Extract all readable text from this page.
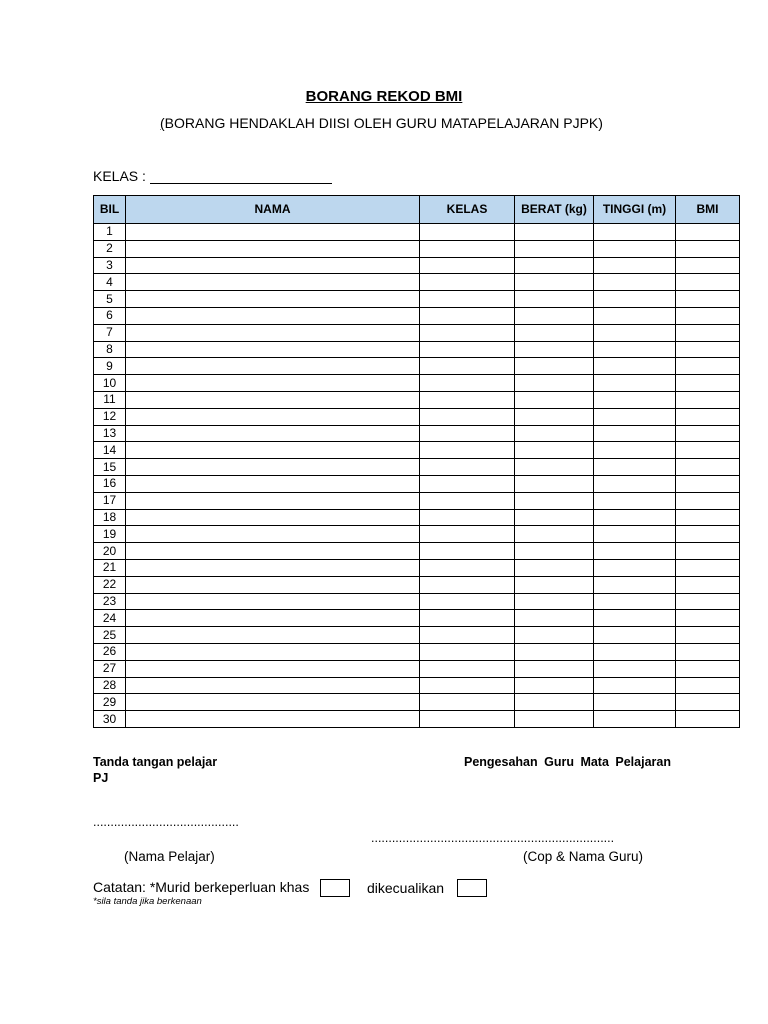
BORANG REKOD BMI
(BORANG HENDAKLAH DIISI OLEH GURU MATAPELAJARAN PJPK)
KELAS :
BIL	NAMA	KELAS	BERAT (kg)	TINGGI (m)	BMI
1					
2					
3					
4					
5					
6					
7					
8					
9					
10					
11					
12					
13					
14					
15					
16					
17					
18					
19					
20					
21					
22					
23					
24					
25					
26					
27					
28					
29					
30					
Tanda tangan pelajar
PJ
Pengesahan Guru Mata Pelajaran
..........................................
......................................................................
(Nama Pelajar)	(Cop & Nama Guru)
Catatan: *Murid berkeperluan khas	dikecualikan
*sila tanda jika berkenaan
